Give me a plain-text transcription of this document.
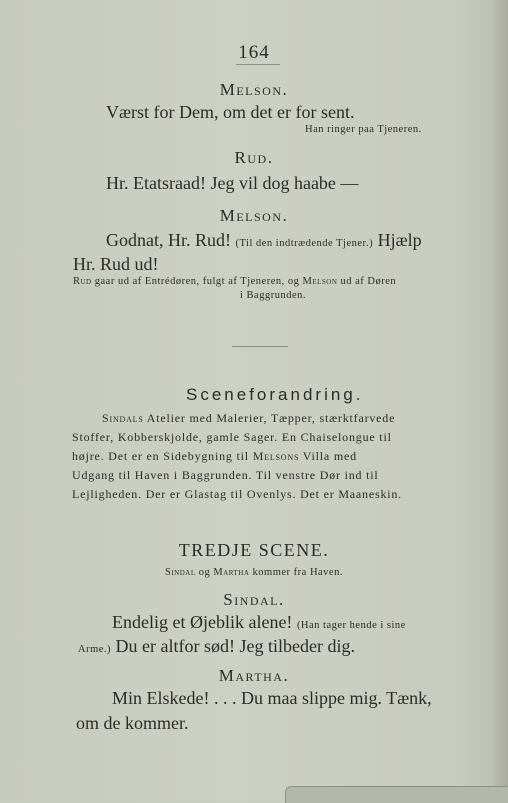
164
Melson.
Værst for Dem, om det er for sent.
Han ringer paa Tjeneren.
Rud.
Hr. Etatsraad! Jeg vil dog haabe —
Melson.
Godnat, Hr. Rud! (Til den indtrædende Tjener.) Hjælp
Hr. Rud ud!
Rud gaar ud af Entrédøren, fulgt af Tjeneren, og Melson ud af Døren
i Baggrunden.
Sceneforandring.
Sindals Atelier med Malerier, Tæpper, stærktfarvede
Stoffer, Kobberskjolde, gamle Sager. En Chaiselongue til
højre. Det er en Sidebygning til Melsons Villa med
Udgang til Haven i Baggrunden. Til venstre Dør ind til
Lejligheden. Der er Glastag til Ovenlys. Det er Maaneskin.
TREDJE SCENE.
Sindal og Martha kommer fra Haven.
Sindal.
Endelig et Øjeblik alene! (Han tager hende i sine
Arme.) Du er altfor sød! Jeg tilbeder dig.
Martha.
Min Elskede! . . . Du maa slippe mig. Tænk,
om de kommer.
